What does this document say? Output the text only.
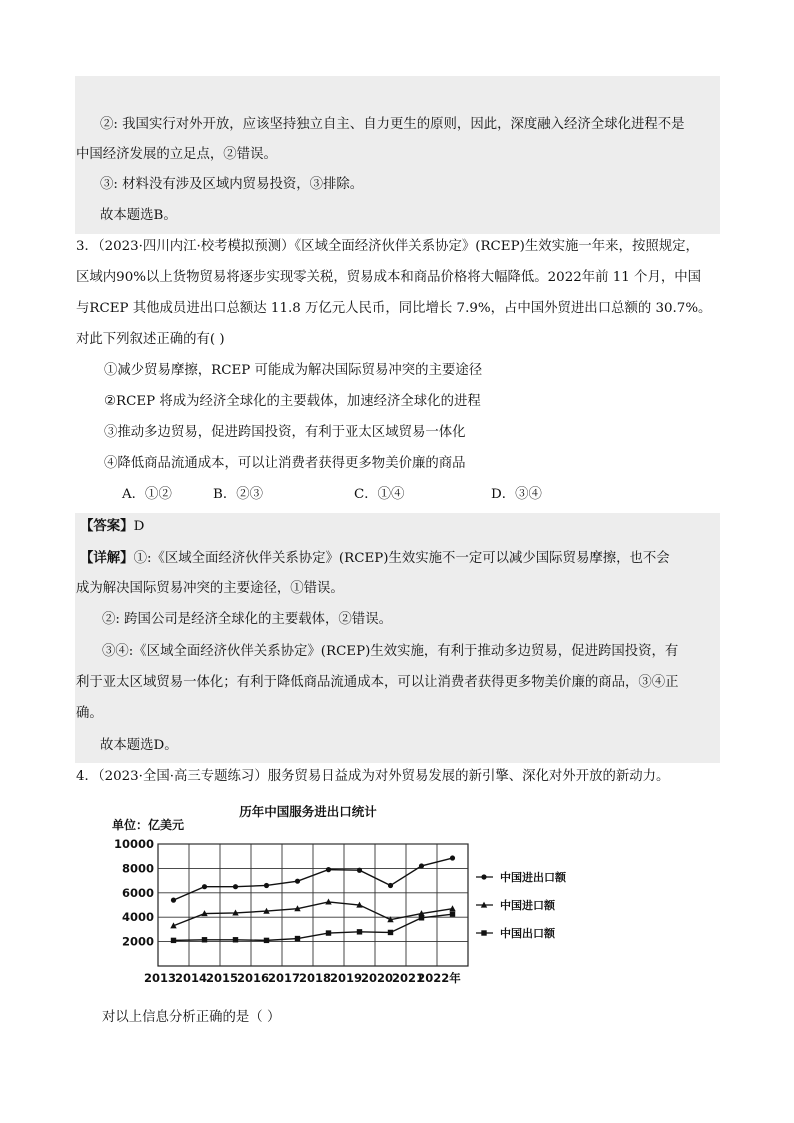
②: 我国实行对外开放，应该坚持独立自主、自力更生的原则，因此，深度融入经济全球化进程不是
中国经济发展的立足点，②错误。
③: 材料没有涉及区域内贸易投资，③排除。
故本题选B。
3．（2023·四川内江·校考模拟预测）《区域全面经济伙伴关系协定》(RCEP)生效实施一年来，按照规定，
区域内90%以上货物贸易将逐步实现零关税，贸易成本和商品价格将大幅降低。2022年前 11 个月，中国
与RCEP 其他成员进出口总额达 11.8 万亿元人民币，同比增长 7.9%，占中国外贸进出口总额的 30.7%。
对此下列叙述正确的有( )
①减少贸易摩擦，RCEP 可能成为解决国际贸易冲突的主要途径
②RCEP 将成为经济全球化的主要载体，加速经济全球化的进程
③推动多边贸易，促进跨国投资，有利于亚太区域贸易一体化
④降低商品流通成本，可以让消费者获得更多物美价廉的商品
A．①②	B．②③	C．①④	D．③④
【答案】D
【详解】①:《区域全面经济伙伴关系协定》(RCEP)生效实施不一定可以减少国际贸易摩擦，也不会
成为解决国际贸易冲突的主要途径，①错误。
②: 跨国公司是经济全球化的主要载体，②错误。
③④:《区域全面经济伙伴关系协定》(RCEP)生效实施，有利于推动多边贸易，促进跨国投资，有
利于亚太区域贸易一体化；有利于降低商品流通成本，可以让消费者获得更多物美价廉的商品，③④正
确。
故本题选D。
4．（2023·全国·高三专题练习）服务贸易日益成为对外贸易发展的新引擎、深化对外开放的新动力。
历年中国服务进出口统计
单位：亿美元
2000
4000
6000
8000
10000
2013
2014
2015
2016
2017
2018
2019
2020
2021
2022年
中国进出口额
中国进口额
中国出口额
对以上信息分析正确的是（ ）
